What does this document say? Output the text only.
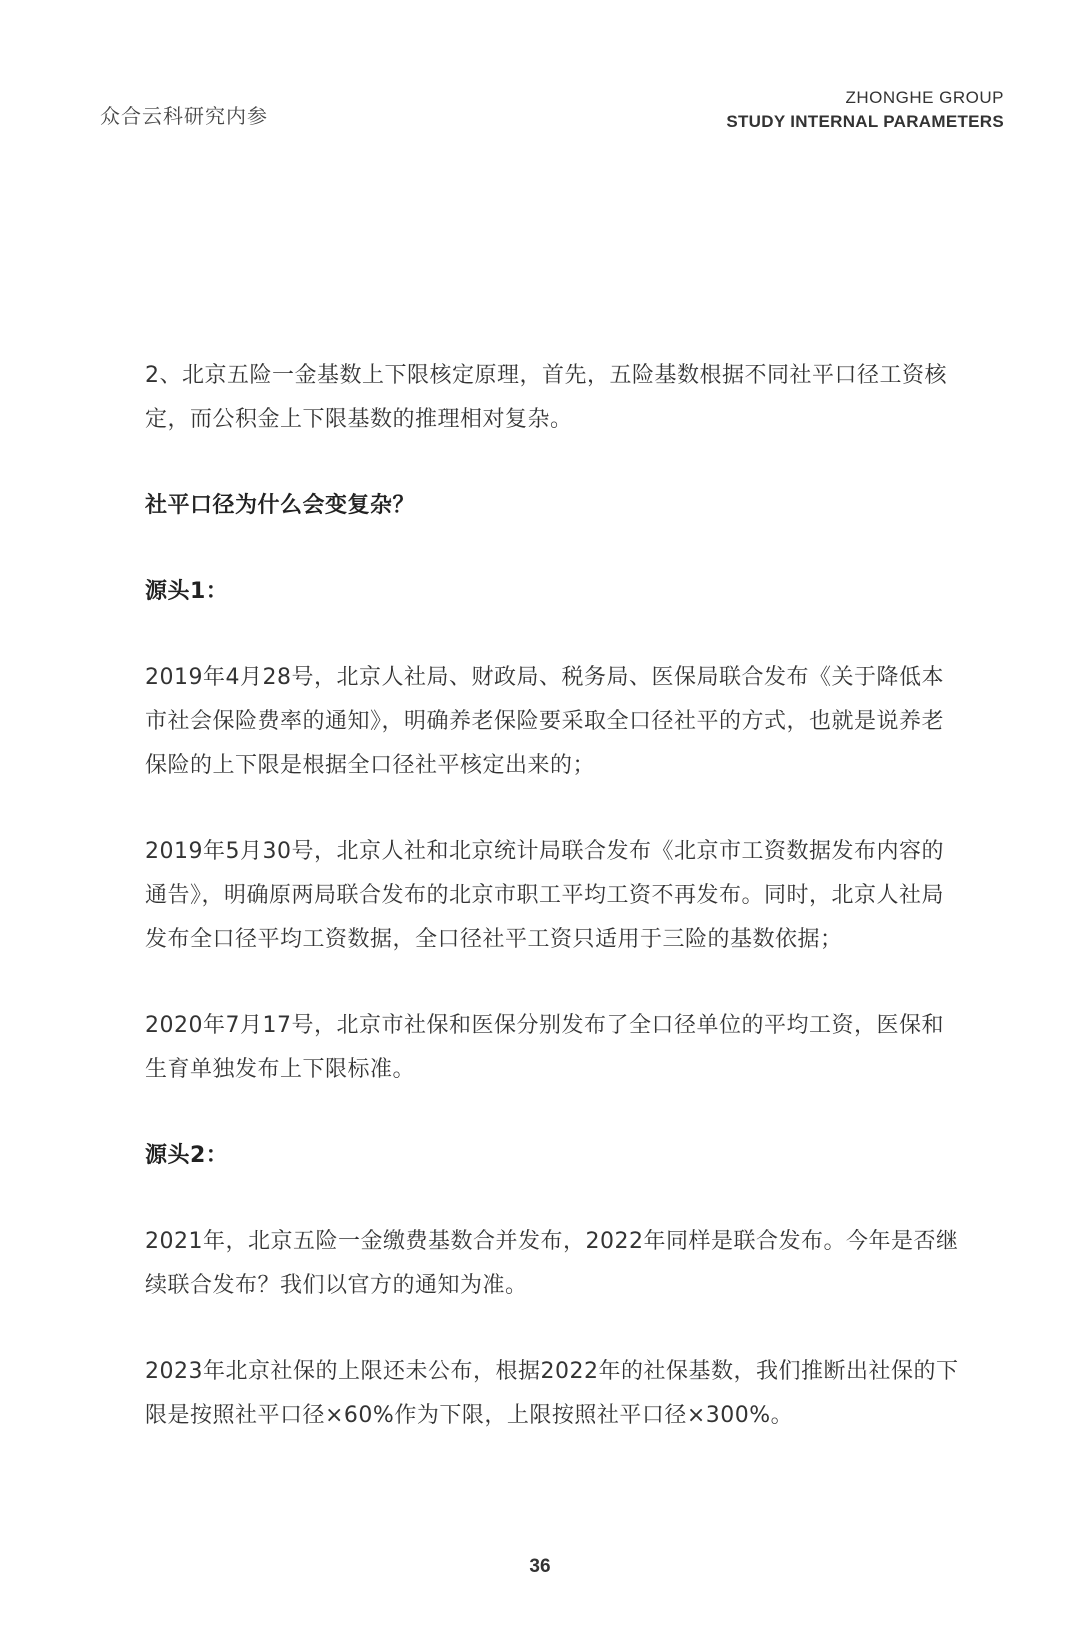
众合云科研究内参
ZHONGHE GROUP
STUDY INTERNAL PARAMETERS

2、北京五险一金基数上下限核定原理，首先，五险基数根据不同社平口径工资核定，而公积金上下限基数的推理相对复杂。

社平口径为什么会变复杂？

源头1：

2019年4月28号，北京人社局、财政局、税务局、医保局联合发布《关于降低本市社会保险费率的通知》，明确养老保险要采取全口径社平的方式，也就是说养老保险的上下限是根据全口径社平核定出来的；

2019年5月30号，北京人社和北京统计局联合发布《北京市工资数据发布内容的通告》，明确原两局联合发布的北京市职工平均工资不再发布。同时，北京人社局发布全口径平均工资数据，全口径社平工资只适用于三险的基数依据；

2020年7月17号，北京市社保和医保分别发布了全口径单位的平均工资，医保和生育单独发布上下限标准。

源头2：

2021年，北京五险一金缴费基数合并发布，2022年同样是联合发布。今年是否继续联合发布？我们以官方的通知为准。

2023年北京社保的上限还未公布，根据2022年的社保基数，我们推断出社保的下限是按照社平口径×60%作为下限，上限按照社平口径×300%。

36
